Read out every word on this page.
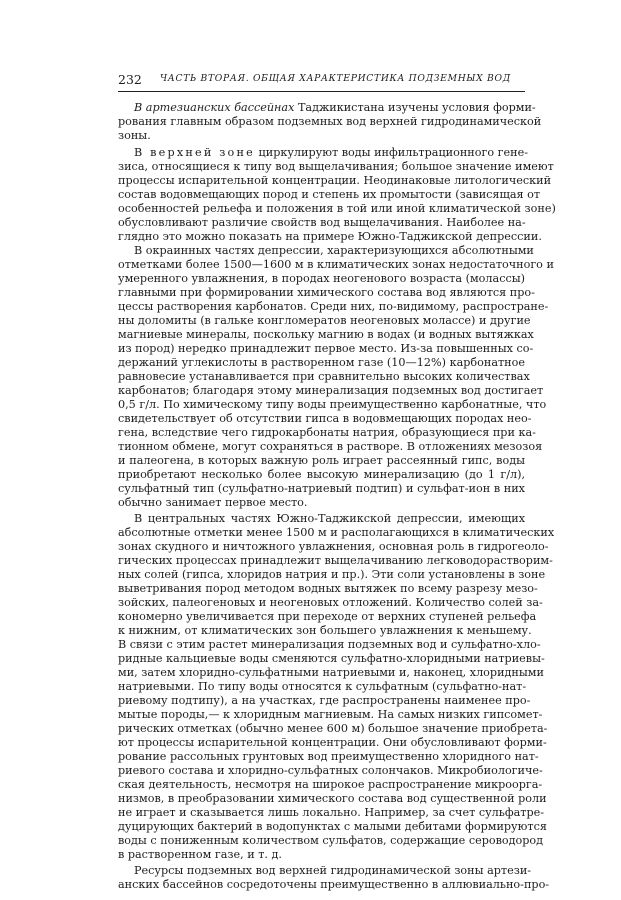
232 ЧАСТЬ ВТОРАЯ. ОБЩАЯ ХАРАКТЕРИСТИКА ПОДЗЕМНЫХ ВОД
В артезианских бассейнах Таджикистана изучены условия форми-
рования главным образом подземных вод верхней гидродинамической
зоны.
В верхней зоне циркулируют воды инфильтрационного гене-
зиса, относящиеся к типу вод выщелачивания; большое значение имеют
процессы испарительной концентрации. Неодинаковые литологический
состав водовмещающих пород и степень их промытости (зависящая от
особенностей рельефа и положения в той или иной климатической зоне)
обусловливают различие свойств вод выщелачивания. Наиболее на-
глядно это можно показать на примере Южно-Таджикской депрессии.
В окраинных частях депрессии, характеризующихся абсолютными
отметками более 1500—1600 м в климатических зонах недостаточного и
умеренного увлажнения, в породах неогенового возраста (молассы)
главными при формировании химического состава вод являются про-
цессы растворения карбонатов. Среди них, по-видимому, распростране-
ны доломиты (в гальке конгломератов неогеновых молассе) и другие
магниевые минералы, поскольку магнию в водах (и водных вытяжках
из пород) нередко принадлежит первое место. Из-за повышенных со-
держаний углекислоты в растворенном газе (10—12%) карбонатное
равновесие устанавливается при сравнительно высоких количествах
карбонатов; благодаря этому минерализация подземных вод достигает
0,5 г/л. По химическому типу воды преимущественно карбонатные, что
свидетельствует об отсутствии гипса в водовмещающих породах нео-
гена, вследствие чего гидрокарбонаты натрия, образующиеся при ка-
тионном обмене, могут сохраняться в растворе. В отложениях мезозоя
и палеогена, в которых важную роль играет рассеянный гипс, воды
приобретают несколько более высокую минерализацию (до 1 г/л),
сульфатный тип (сульфатно-натриевый подтип) и сульфат-ион в них
обычно занимает первое место.
В центральных частях Южно-Таджикской депрессии, имеющих
абсолютные отметки менее 1500 м и располагающихся в климатических
зонах скудного и ничтожного увлажнения, основная роль в гидрогеоло-
гических процессах принадлежит выщелачиванию легководорастворим-
ных солей (гипса, хлоридов натрия и пр.). Эти соли установлены в зоне
выветривания пород методом водных вытяжек по всему разрезу мезо-
зойских, палеогеновых и неогеновых отложений. Количество солей за-
кономерно увеличивается при переходе от верхних ступеней рельефа
к нижним, от климатических зон большего увлажнения к меньшему.
В связи с этим растет минерализация подземных вод и сульфатно-хло-
ридные кальциевые воды сменяются сульфатно-хлоридными натриевы-
ми, затем хлоридно-сульфатными натриевыми и, наконец, хлоридными
натриевыми. По типу воды относятся к сульфатным (сульфатно-нат-
риевому подтипу), а на участках, где распространены наименее про-
мытые породы,— к хлоридным магниевым. На самых низких гипсомет-
рических отметках (обычно менее 600 м) большое значение приобрета-
ют процессы испарительной концентрации. Они обусловливают форми-
рование рассольных грунтовых вод преимущественно хлоридного нат-
риевого состава и хлоридно-сульфатных солончаков. Микробиологиче-
ская деятельность, несмотря на широкое распространение микроорга-
низмов, в преобразовании химического состава вод существенной роли
не играет и сказывается лишь локально. Например, за счет сульфатре-
дуцирующих бактерий в водопунктах с малыми дебитами формируются
воды с пониженным количеством сульфатов, содержащие сероводород
в растворенном газе, и т. д.
Ресурсы подземных вод верхней гидродинамической зоны артези-
анских бассейнов сосредоточены преимущественно в аллювиально-про-
